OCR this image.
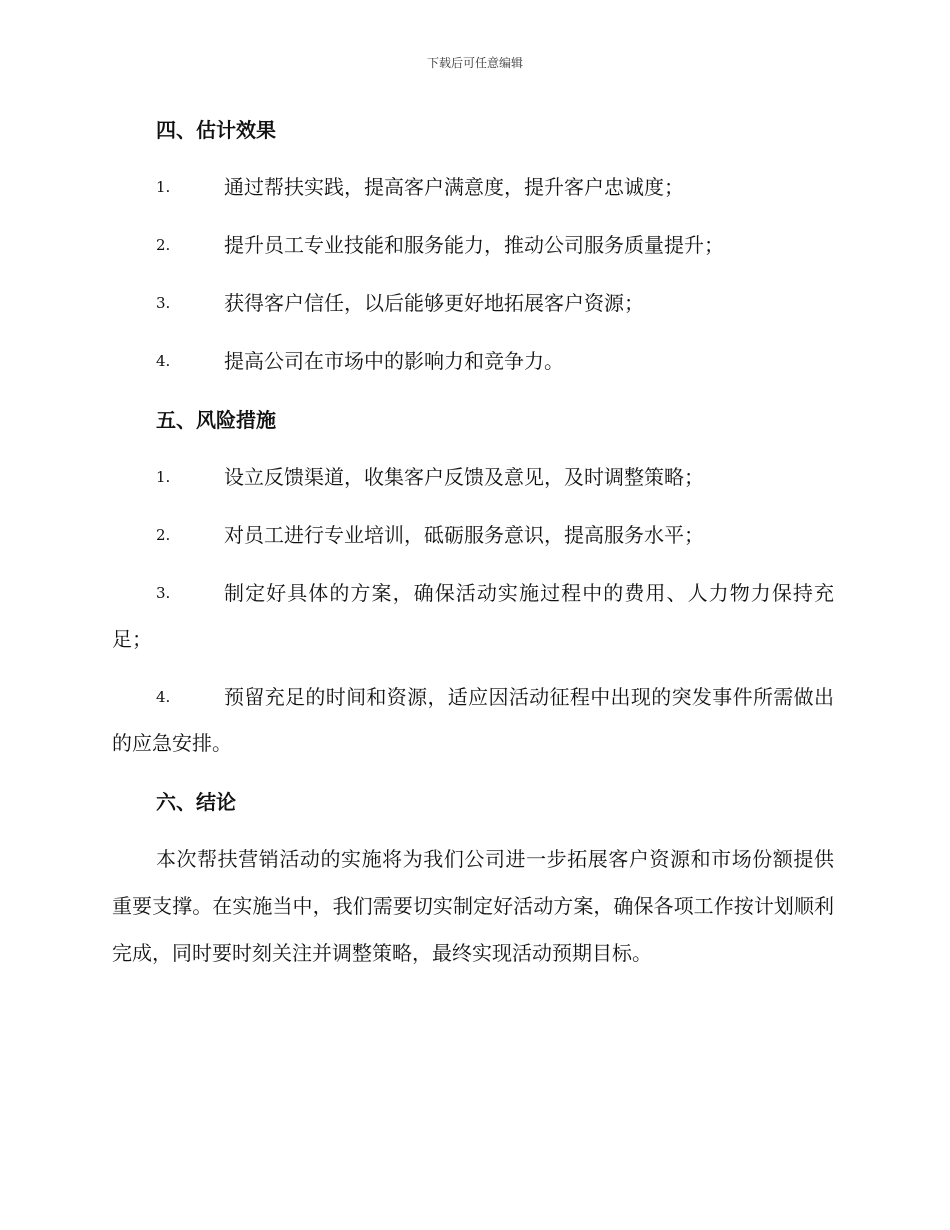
下载后可任意编辑
四、估计效果
1.	通过帮扶实践，提高客户满意度，提升客户忠诚度；
2.	提升员工专业技能和服务能力，推动公司服务质量提升；
3.	获得客户信任，以后能够更好地拓展客户资源；
4.	提高公司在市场中的影响力和竞争力。
五、风险措施
1.	设立反馈渠道，收集客户反馈及意见，及时调整策略；
2.	对员工进行专业培训，砥砺服务意识，提高服务水平；
3.	制定好具体的方案，确保活动实施过程中的费用、人力物力保持充足；
4.	预留充足的时间和资源，适应因活动征程中出现的突发事件所需做出的应急安排。
六、结论

本次帮扶营销活动的实施将为我们公司进一步拓展客户资源和市场份额提供重要支撑。在实施当中，我们需要切实制定好活动方案，确保各项工作按计划顺利完成，同时要时刻关注并调整策略，最终实现活动预期目标。
